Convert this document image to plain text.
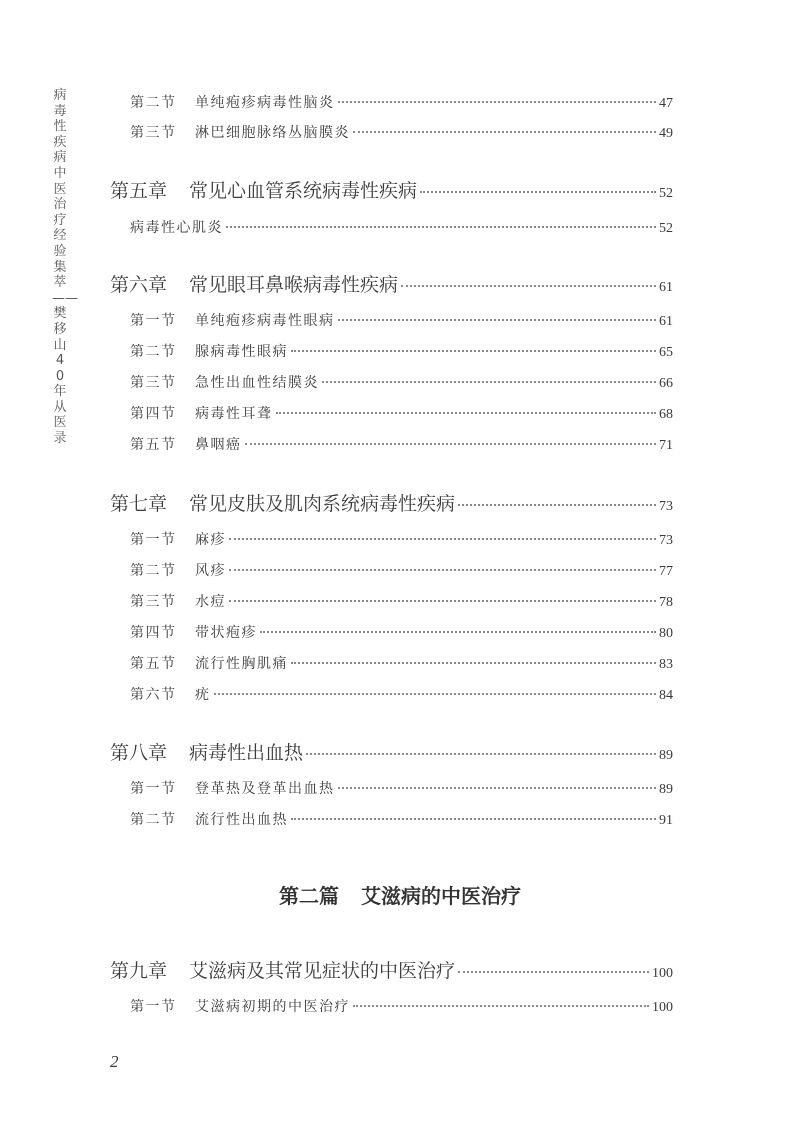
病毒性疾病中医治疗经验集萃——樊移山40年从医录
第二节 单纯疱疹病毒性脑炎	47
第三节 淋巴细胞脉络丛脑膜炎	49
第五章 常见心血管系统病毒性疾病	52
病毒性心肌炎	52
第六章 常见眼耳鼻喉病毒性疾病	61
第一节 单纯疱疹病毒性眼病	61
第二节 腺病毒性眼病	65
第三节 急性出血性结膜炎	66
第四节 病毒性耳聋	68
第五节 鼻咽癌	71
第七章 常见皮肤及肌肉系统病毒性疾病	73
第一节 麻疹	73
第二节 风疹	77
第三节 水痘	78
第四节 带状疱疹	80
第五节 流行性胸肌痛	83
第六节 疣	84
第八章 病毒性出血热	89
第一节 登革热及登革出血热	89
第二节 流行性出血热	91
第九章 艾滋病及其常见症状的中医治疗	100
第一节 艾滋病初期的中医治疗	100
第二篇 艾滋病的中医治疗
2
